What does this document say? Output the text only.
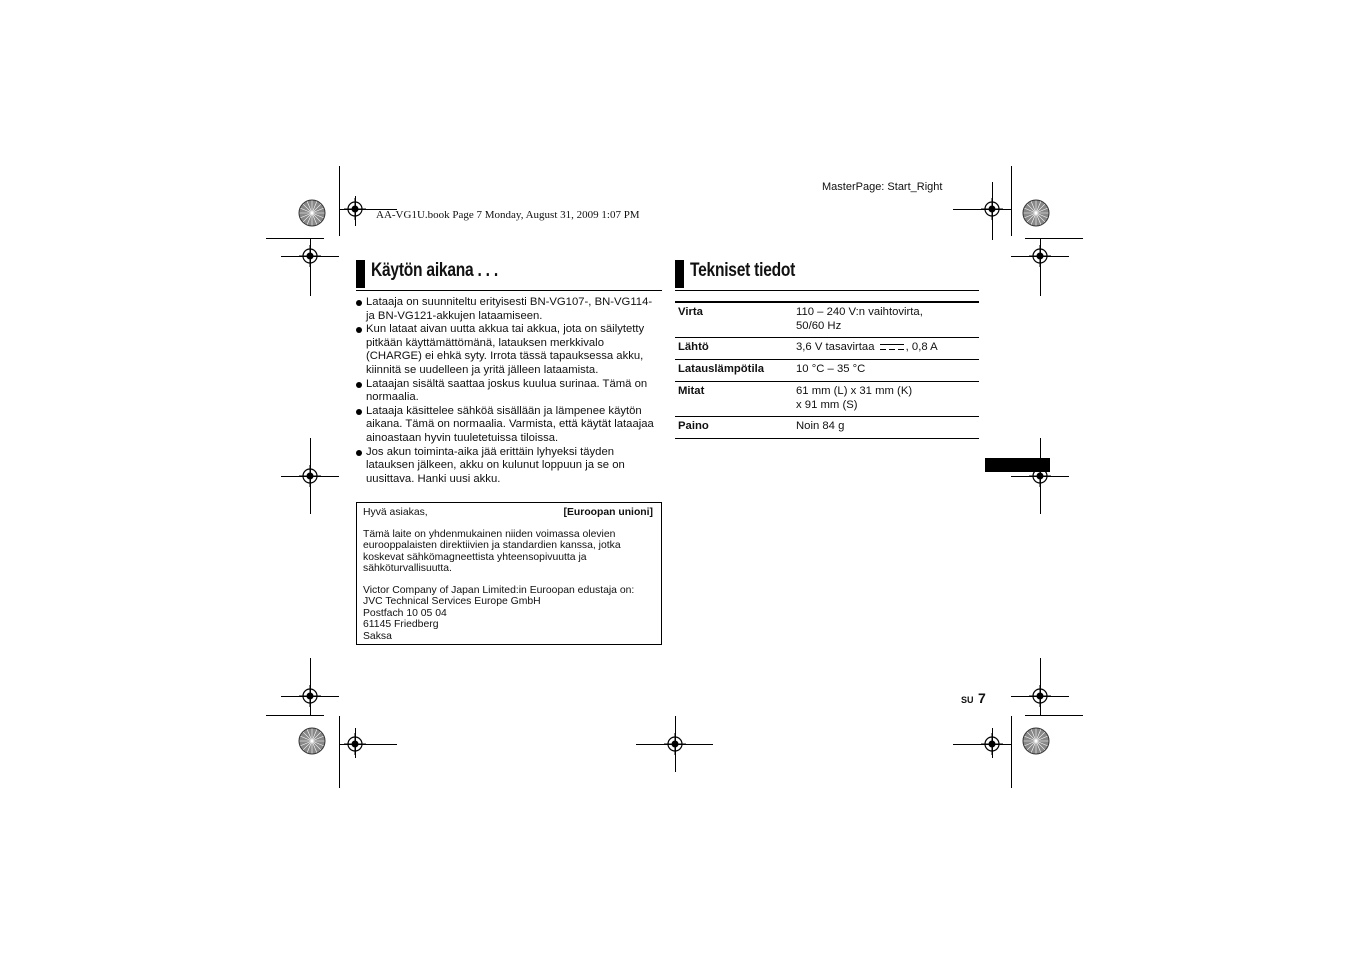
MasterPage: Start_Right
AA-VG1U.book Page 7 Monday, August 31, 2009 1:07 PM
Käytön aikana . . .
Lataaja on suunniteltu erityisesti BN-VG107-, BN-VG114- ja BN-VG121-akkujen lataamiseen.
Kun lataat aivan uutta akkua tai akkua, jota on säilytetty pitkään käyttämättömänä, latauksen merkkivalo (CHARGE) ei ehkä syty. Irrota tässä tapauksessa akku, kiinnitä se uudelleen ja yritä jälleen lataamista.
Lataajan sisältä saattaa joskus kuulua surinaa. Tämä on normaalia.
Lataaja käsittelee sähköä sisällään ja lämpenee käytön aikana. Tämä on normaalia. Varmista, että käytät lataajaa ainoastaan hyvin tuuletetuissa tiloissa.
Jos akun toiminta-aika jää erittäin lyhyeksi täyden latauksen jälkeen, akku on kulunut loppuun ja se on uusittava. Hanki uusi akku.
Hyvä asiakas,	[Euroopan unioni]
Tämä laite on yhdenmukainen niiden voimassa olevien eurooppalaisten direktiivien ja standardien kanssa, jotka koskevat sähkömagneettista yhteensopivuutta ja sähköturvallisuutta.
Victor Company of Japan Limited:in Euroopan edustaja on:
JVC Technical Services Europe GmbH
Postfach 10 05 04
61145 Friedberg
Saksa
Tekniset tiedot
Virta	110 – 240 V:n vaihtovirta,
50/60 Hz
Lähtö	3,6 V tasavirtaa	, 0,8 A
Latauslämpötila	10 °C – 35 °C
Mitat	61 mm (L) x 31 mm (K)
x 91 mm (S)
Paino	Noin 84 g
SU 7
